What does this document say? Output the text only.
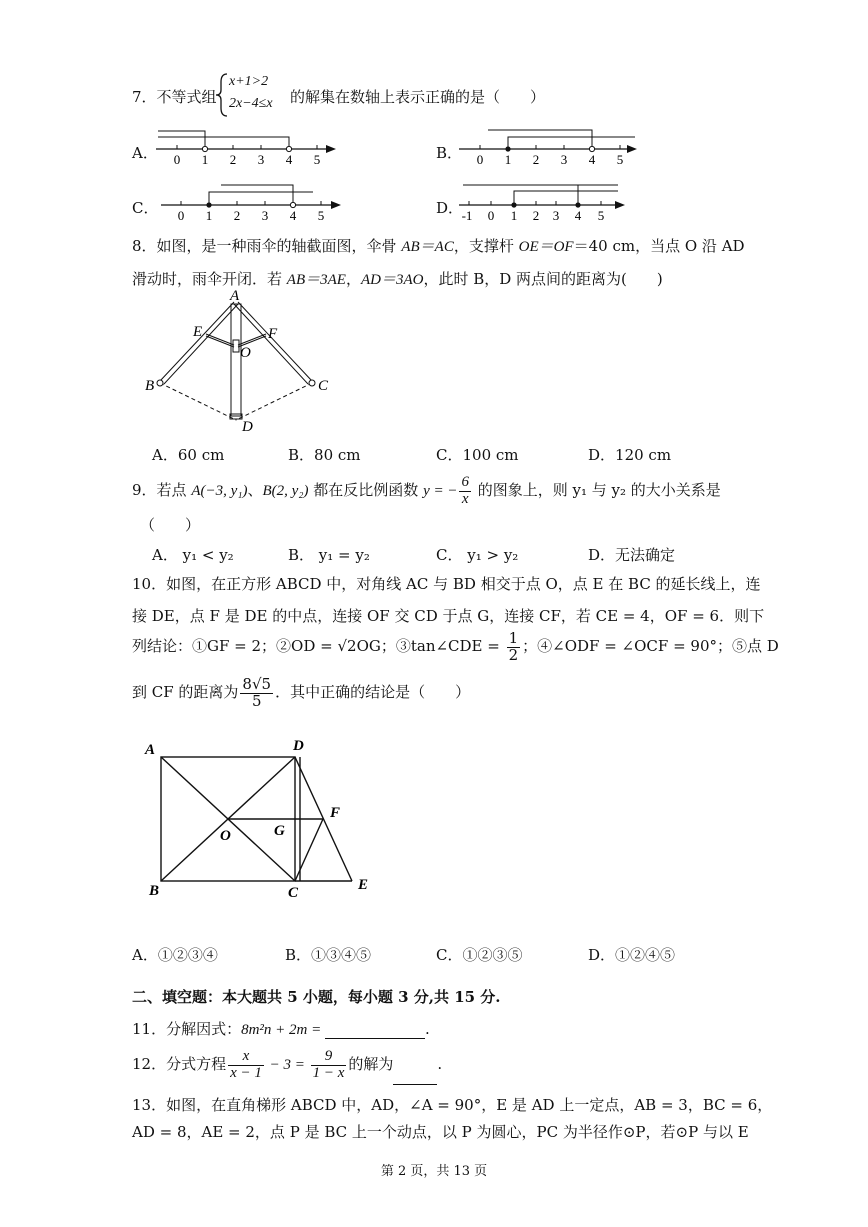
7．不等式组
x+1>2
2x−4≤x 的解集在数轴上表示正确的是（　　）
A．	B．
C．	D．
0 1 2 3 4 5	0 1 2 3 4 5
0 1 2 3 4 5	-1 0 1 2 3 4 5
8．如图，是一种雨伞的轴截面图，伞骨 AB＝AC，支撑杆 OE＝OF＝40 cm，当点 O 沿 AD
滑动时，雨伞开闭．若 AB＝3AE，AD＝3AO，此时 B，D 两点间的距离为(　　)
A
E	F
O
B	C
D
A．60 cm	B．80 cm	C．100 cm	D．120 cm
9．若点 A(−3, y₁)、B(2, y₂) 都在反比例函数 y = − $\frac{6}{x}$ 的图象上，则 y₁ 与 y₂ 的大小关系是
（　　）
A． y₁ < y₂	B． y₁ = y₂	C． y₁ > y₂	D．无法确定
10．如图，在正方形 ABCD 中，对角线 AC 与 BD 相交于点 O，点 E 在 BC 的延长线上，连
接 DE，点 F 是 DE 的中点，连接 OF 交 CD 于点 G，连接 CF，若 CE = 4，OF = 6．则下
列结论：①GF = 2；②OD = √2OG；③tan∠CDE = $\frac{1}{2}$ ；④∠ODF = ∠OCF = 90°；⑤点 D
到 CF 的距离为 $\frac{8√5}{5}$ ．其中正确的结论是（　　）
A	D
F
O	G
B	C	E
A．①②③④	B．①③④⑤	C．①②③⑤	D．①②④⑤
二、填空题：本大题共 5 小题，每小题 3 分,共 15 分.
11．分解因式：8m²n + 2m =	.
12．分式方程 $\frac{x}{x - 1} - 3 = \frac{9}{1 - x}$ 的解为	.
13．如图，在直角梯形 ABCD 中，AD，∠A = 90°，E 是 AD 上一定点，AB = 3，BC = 6，
AD = 8，AE = 2，点 P 是 BC 上一个动点，以 P 为圆心，PC 为半径作⊙P，若⊙P 与以 E
第 2 页，共 13 页
